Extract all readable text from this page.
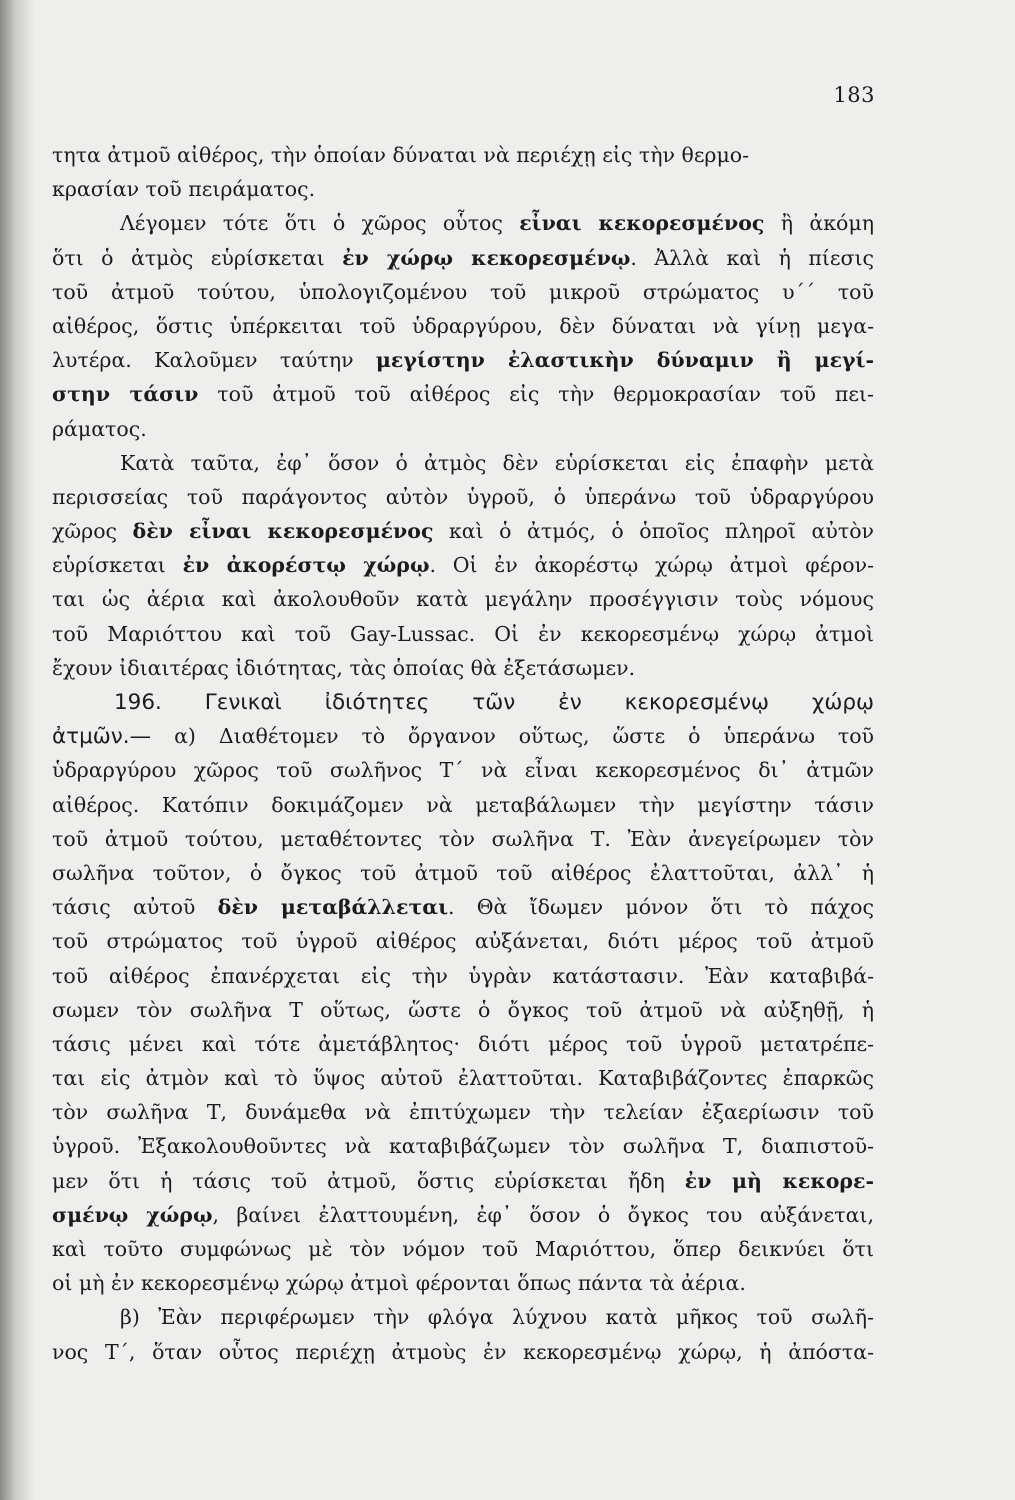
183
τητα ἀτμοῦ αἰθέρος, τὴν ὁποίαν δύναται νὰ περιέχῃ εἰς τὴν θερμο-
κρασίαν τοῦ πειράματος.
Λέγομεν τότε ὅτι ὁ χῶρος οὗτος εἶναι κεκορεσμένος ἢ ἀκόμη
ὅτι ὁ ἀτμὸς εὑρίσκεται ἐν χώρῳ κεκορεσμένῳ. Ἀλλὰ καὶ ἡ πίεσις
τοῦ ἀτμοῦ τούτου, ὑπολογιζομένου τοῦ μικροῦ στρώματος υ΄΄ τοῦ
αἰθέρος, ὅστις ὑπέρκειται τοῦ ὑδραργύρου, δὲν δύναται νὰ γίνῃ μεγα-
λυτέρα. Καλοῦμεν ταύτην μεγίστην ἐλαστικὴν δύναμιν ἢ μεγί-
στην τάσιν τοῦ ἀτμοῦ τοῦ αἰθέρος εἰς τὴν θερμοκρασίαν τοῦ πει-
ράματος.
Κατὰ ταῦτα, ἐφ᾽ ὅσον ὁ ἀτμὸς δὲν εὑρίσκεται εἰς ἐπαφὴν μετὰ
περισσείας τοῦ παράγοντος αὐτὸν ὑγροῦ, ὁ ὑπεράνω τοῦ ὑδραργύρου
χῶρος δὲν εἶναι κεκορεσμένος καὶ ὁ ἀτμός, ὁ ὁποῖος πληροῖ αὐτὸν
εὑρίσκεται ἐν ἀκορέστῳ χώρῳ. Οἱ ἐν ἀκορέστῳ χώρῳ ἀτμοὶ φέρον-
ται ὡς ἀέρια καὶ ἀκολουθοῦν κατὰ μεγάλην προσέγγισιν τοὺς νόμους
τοῦ Μαριόττου καὶ τοῦ Gay-Lussac. Οἱ ἐν κεκορεσμένῳ χώρῳ ἀτμοὶ
ἔχουν ἰδιαιτέρας ἰδιότητας, τὰς ὁποίας θὰ ἐξετάσωμεν.
196. Γενικαὶ ἰδιότητες τῶν ἐν κεκορεσμένῳ χώρῳ
ἀτμῶν.— α) Διαθέτομεν τὸ ὄργανον οὕτως, ὥστε ὁ ὑπεράνω τοῦ
ὑδραργύρου χῶρος τοῦ σωλῆνος Τ΄ νὰ εἶναι κεκορεσμένος δι᾽ ἀτμῶν
αἰθέρος. Κατόπιν δοκιμάζομεν νὰ μεταβάλωμεν τὴν μεγίστην τάσιν
τοῦ ἀτμοῦ τούτου, μεταθέτοντες τὸν σωλῆνα Τ. Ἐὰν ἀνεγείρωμεν τὸν
σωλῆνα τοῦτον, ὁ ὄγκος τοῦ ἀτμοῦ τοῦ αἰθέρος ἐλαττοῦται, ἀλλ᾽ ἡ
τάσις αὐτοῦ δὲν μεταβάλλεται. Θὰ ἴδωμεν μόνον ὅτι τὸ πάχος
τοῦ στρώματος τοῦ ὑγροῦ αἰθέρος αὐξάνεται, διότι μέρος τοῦ ἀτμοῦ
τοῦ αἰθέρος ἐπανέρχεται εἰς τὴν ὑγρὰν κατάστασιν. Ἐὰν καταβιβά-
σωμεν τὸν σωλῆνα Τ οὕτως, ὥστε ὁ ὄγκος τοῦ ἀτμοῦ νὰ αὐξηθῇ, ἡ
τάσις μένει καὶ τότε ἀμετάβλητος· διότι μέρος τοῦ ὑγροῦ μετατρέπε-
ται εἰς ἀτμὸν καὶ τὸ ὕψος αὐτοῦ ἐλαττοῦται. Καταβιβάζοντες ἐπαρκῶς
τὸν σωλῆνα Τ, δυνάμεθα νὰ ἐπιτύχωμεν τὴν τελείαν ἐξαερίωσιν τοῦ
ὑγροῦ. Ἐξακολουθοῦντες νὰ καταβιβάζωμεν τὸν σωλῆνα Τ, διαπιστοῦ-
μεν ὅτι ἡ τάσις τοῦ ἀτμοῦ, ὅστις εὑρίσκεται ἤδη ἐν μὴ κεκορε-
σμένῳ χώρῳ, βαίνει ἐλαττουμένη, ἐφ᾽ ὅσον ὁ ὄγκος του αὐξάνεται,
καὶ τοῦτο συμφώνως μὲ τὸν νόμον τοῦ Μαριόττου, ὅπερ δεικνύει ὅτι
οἱ μὴ ἐν κεκορεσμένῳ χώρῳ ἀτμοὶ φέρονται ὅπως πάντα τὰ ἀέρια.
β) Ἐὰν περιφέρωμεν τὴν φλόγα λύχνου κατὰ μῆκος τοῦ σωλῆ-
νος Τ΄, ὅταν οὗτος περιέχῃ ἀτμοὺς ἐν κεκορεσμένῳ χώρῳ, ἡ ἀπόστα-
